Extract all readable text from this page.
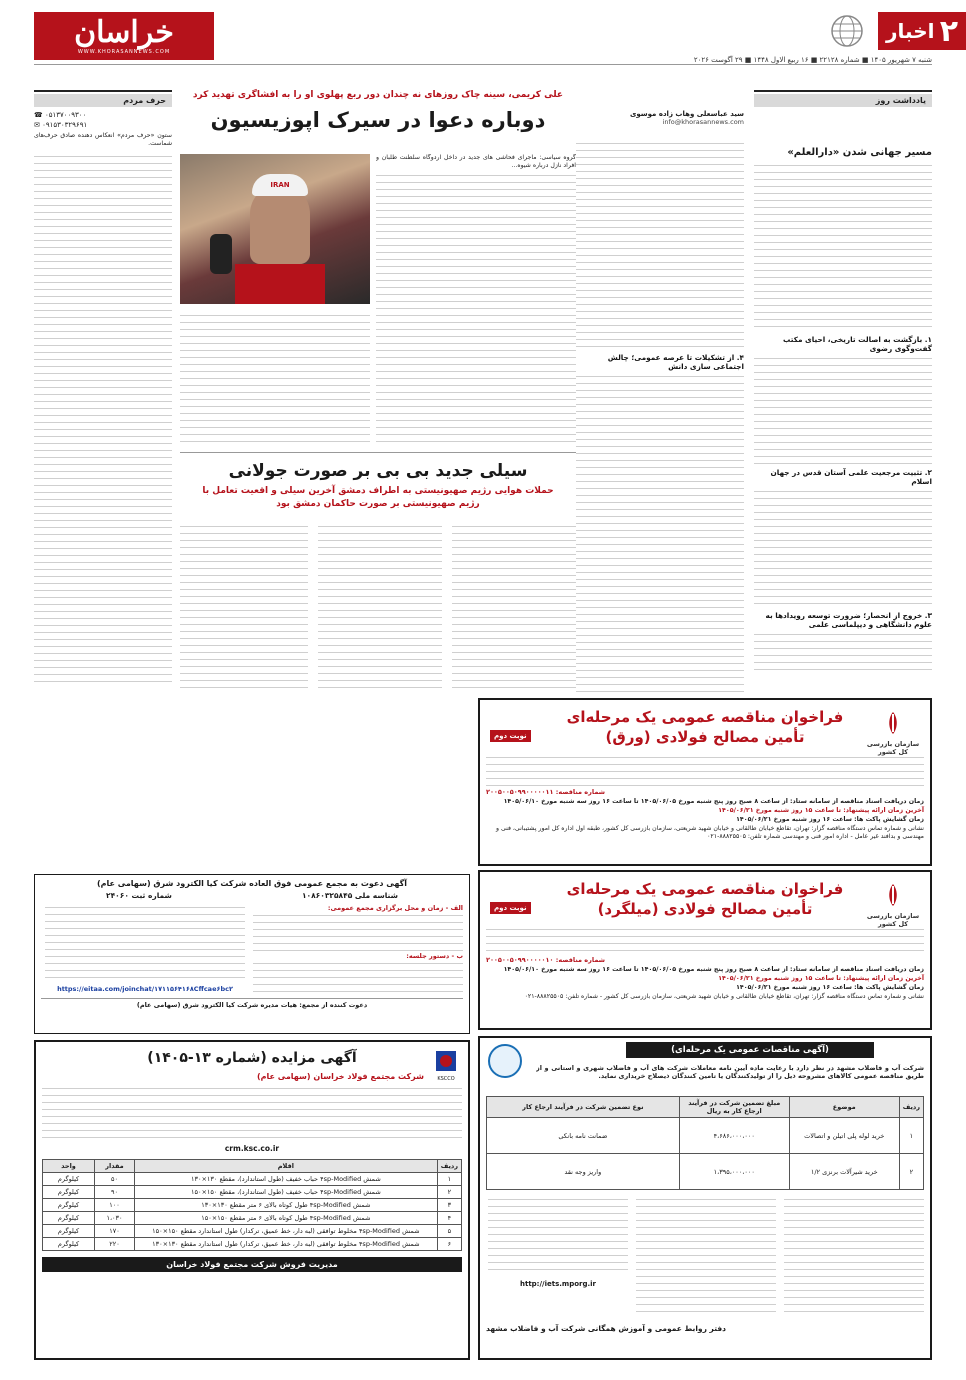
۲
اخبار
خراسان
WWW.KHORASANNEWS.COM
شنبه ۷ شهریور ۱۴۰۵ ■ شماره ۲۲۱۲۸ ■ ۱۶ ربیع الاول ۱۴۴۸ ■ ۲۹ آگوست ۲۰۲۶
یادداشت روز
مسیر جهانی شدن «دارالعلم»
۱. بازگشت به اصالت تاریخی، احیای مکتب گفت‌وگوی رضوی
۲. تثبیت مرجعیت علمی آستان قدس در جهان اسلام
۳. خروج از انحصار؛ ضرورت توسعه رویدادها به علوم دانشگاهی و دیپلماسی علمی
سید عباسعلی وهاب زاده موسوی
info@khorasannews.com
۴. از تشکیلات تا عرصه عمومی؛ چالش اجتماعی سازی دانش
علی کریمی، سینه چاک روزهای نه چندان دور ربع پهلوی او را به افشاگری تهدید کرد
دوباره دعوا در سیرک اپوزیسیون
گروه سیاسی: ماجرای فحاشی های جدید در داخل اردوگاه سلطنت طلبان و افراد نازل ‌درباره شیو‌ه...
IRAN
سیلی جدید بی بی بر صورت جولانی
حملات هوایی رژیم صهیونیستی به اطراف دمشق آخرین سیلی و اقعیت تعامل با رژیم صهیونیستی بر صورت حاکمان دمشق بود
حرف مردم
☎ ۰۵۱۳۷۰۰۹۳۰۰
✉ ۰۹۱۵۳۰۳۲۹۶۹۱
ستون «حرف مردم» انعکاس دهنده صادق حرف‌های شماست.
سازمان بازرسی کل کشور
فراخوان مناقصه عمومی یک مرحله‌ای
تأمین مصالح فولادی (ورق)
نوبت دوم
شماره مناقصه: ۲۰۰۵۰۰۵۰۹۹۰۰۰۰۰۱۱
زمان دریافت اسناد مناقصه از سامانه ستاد: از ساعت ۸ صبح روز پنج شنبه مورخ ۱۴۰۵/۰۶/۰۵ تا ساعت ۱۶ روز سه شنبه مورخ ۱۴۰۵/۰۶/۱۰
آخرین زمان ارائه پیشنهاد: تا ساعت ۱۵ روز شنبه مورخ ۱۴۰۵/۰۶/۲۱
زمان گشایش پاکت ها: ساعت ۱۶ روز شنبه مورخ ۱۴۰۵/۰۶/۲۱
نشانی و شماره تماس دستگاه مناقصه گزار: تهران، تقاطع خیابان طالقانی و خیابان شهید شریعتی، سازمان بازرسی کل کشور، طبقه اول اداره کل امور پشتیبانی، فنی و مهندسی و بدافند غیر عامل - اداره امور فنی و مهندسی شماره تلفن: ۸۸۸۲۵۵۰۵-۰۲۱
سازمان بازرسی کل کشور
فراخوان مناقصه عمومی یک مرحله‌ای
تأمین مصالح فولادی (میلگرد)
نوبت دوم
شماره مناقصه: ۲۰۰۵۰۰۵۰۹۹۰۰۰۰۰۱۰
زمان دریافت اسناد مناقصه از سامانه ستاد: از ساعت ۸ صبح روز پنج شنبه مورخ ۱۴۰۵/۰۶/۰۵ تا ساعت ۱۶ روز سه شنبه مورخ ۱۴۰۵/۰۶/۱۰
آخرین زمان ارائه پیشنهاد: تا ساعت ۱۵ روز شنبه مورخ ۱۴۰۵/۰۶/۲۱
زمان گشایش پاکت ها: ساعت ۱۶ روز شنبه مورخ ۱۴۰۵/۰۶/۲۱
نشانی و شماره تماس دستگاه مناقصه گزار: تهران، تقاطع خیابان طالقانی و خیابان شهید شریعتی، سازمان بازرسی کل کشور - شماره تلفن: ۸۸۸۲۵۵۰۵-۰۲۱
آگهی دعوت به مجمع عمومی فوق العاده شرکت کیا الکترود شرق (سهامی عام)
شناسه ملی ۱۰۸۶۰۳۲۵۸۴۵
شماره ثبت ۲۴۰۶۰
الف - زمان و محل برگزاری مجمع عمومی:
ب - دستور جلسه:
https://eitaa.com/joinchat/۱۷۱۱۵۶۴۱۶۸Cffcae۶bc۲
دعوت کننده از مجمع: هیات مدیره شرکت کیا الکترود شرق (سهامی عام)
KSCCO
آگهی مزایده (شماره ۱۳-۱۴۰۵)
شرکت مجتمع فولاد خراسان (سهامی عام)
crm.ksc.co.ir
ردیف	اقلام	مقدار	واحد
۱	شمش ۴sp-Modified حباب خفیف (طول استاندارد)، مقطع ۱۳۰×۱۳۰	۵۰	کیلوگرم
۲	شمش ۴sp-Modified حباب خفیف (طول استاندارد)، مقطع ۱۵۰×۱۵۰	۹۰	کیلوگرم
۳	شمش ۴sp-Modified طول کوتاه بالای ۶ متر مقطع ۱۳۰×۱۳۰	۱۰۰	کیلوگرم
۴	شمش ۴sp-Modified طول کوتاه بالای ۶ متر مقطع ۱۵۰×۱۵۰	۱،۰۳۰	کیلوگرم
۵	شمش ۴sp-Modified مخلوط توافقی (لبه دار، خط عمیق، ترکدار) طول استاندارد مقطع ۱۵۰×۱۵۰	۱۷۰	کیلوگرم
۶	شمش ۴sp-Modified مخلوط توافقی (لبه دار، خط عمیق، ترکدار) طول استاندارد مقطع ۱۳۰×۱۳۰	۲۲۰	کیلوگرم
مدیریت فروش شرکت مجتمع فولاد خراسان
(آگهی مناقصات عمومی یک مرحله‌ای)
شرکت آب و فاضلاب مشهد در نظر دارد با رعایت ماده آیین نامه معاملات شرکت های آب و فاضلاب شهری و استانی و از طریق مناقصه عمومی کالاهای مشروحه ذیل را از تولیدکنندگان یا تامین کنندگان ذیصلاح خریداری نماید.
ردیف	موضوع	مبلغ تضمین شرکت در فرآیند ارجاع کار به ریال	نوع تضمین شرکت در فرآیند ارجاع کار
۱	خرید لوله پلی اتیلن و اتصالات	۴،۶۸۶،۰۰۰،۰۰۰	ضمانت نامه بانکی
۲	خرید شیرآلات برنزی ۱/۲	۱،۳۹۵،۰۰۰،۰۰۰	واریز وجه نقد
http://iets.mporg.ir
دفتر روابط عمومی و آموزش همگانی شرکت آب و فاضلاب مشهد
